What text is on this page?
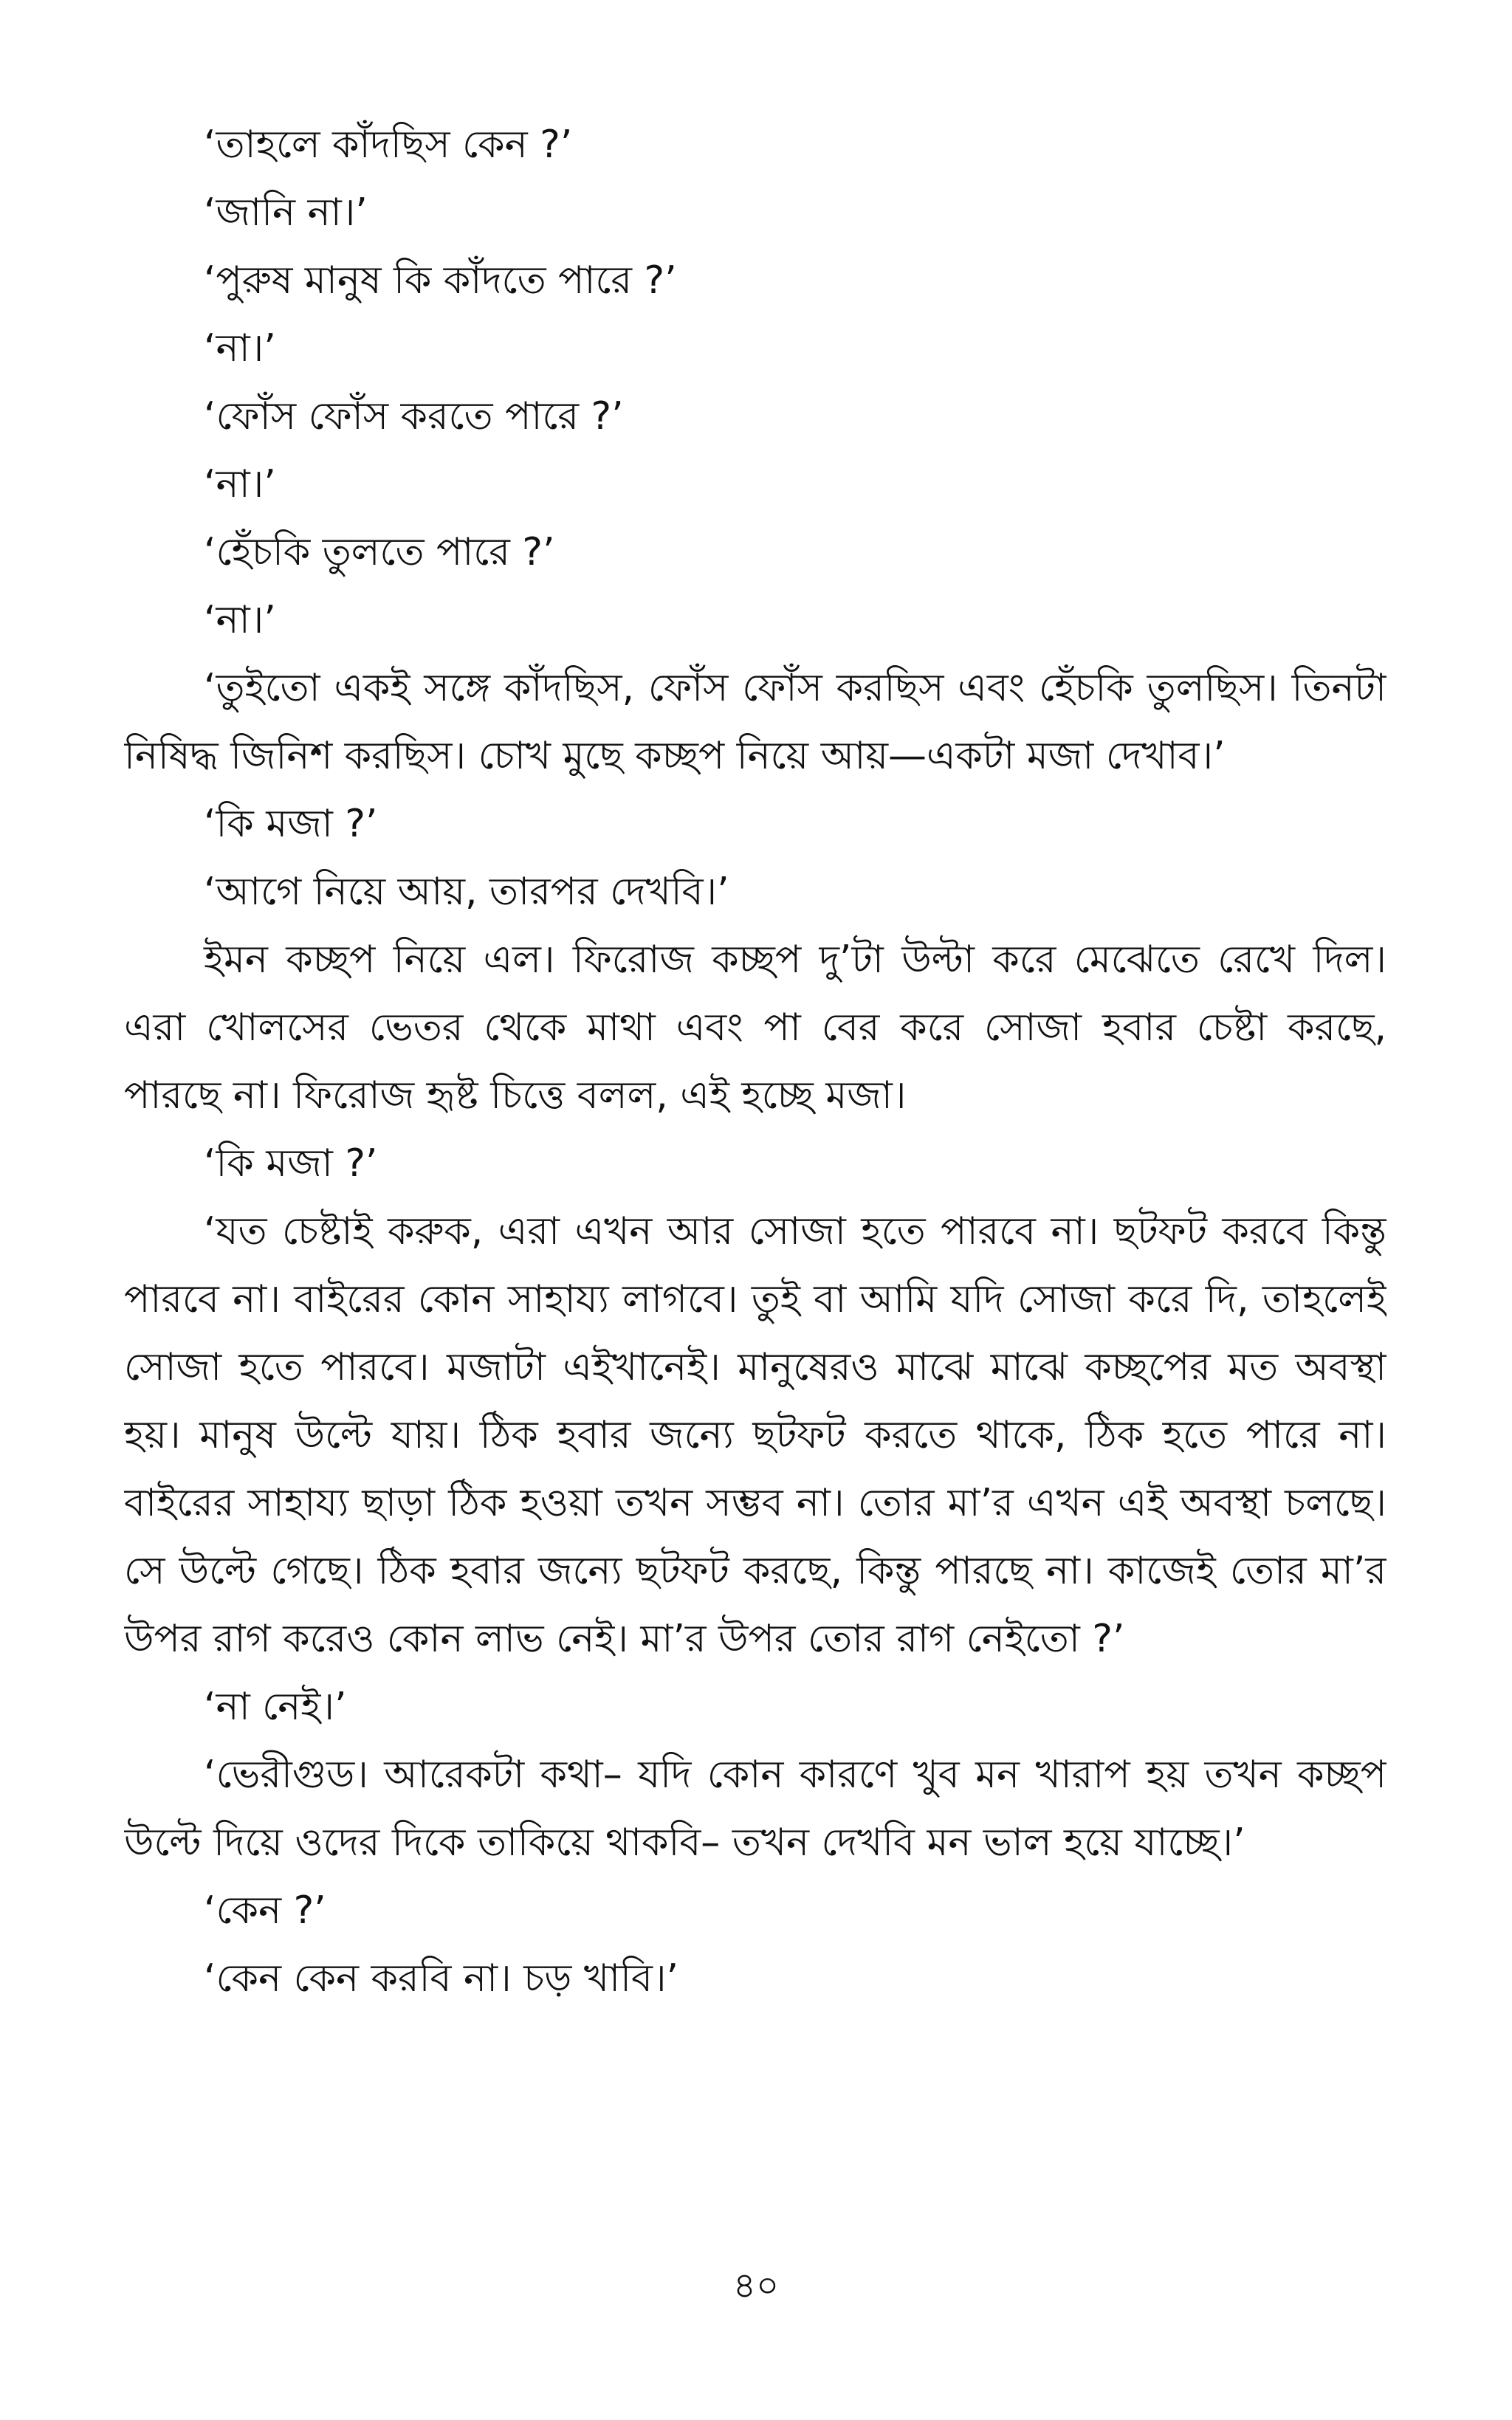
‘তাহলে কাঁদছিস কেন ?’

‘জানি না।’

‘পুরুষ মানুষ কি কাঁদতে পারে ?’

‘না।’

‘ফোঁস ফোঁস করতে পারে ?’

‘না।’

‘হেঁচকি তুলতে পারে ?’

‘না।’

‘তুইতো একই সঙ্গে কাঁদছিস, ফোঁস ফোঁস করছিস এবং হেঁচকি তুলছিস। তিনটা নিষিদ্ধ জিনিশ করছিস। চোখ মুছে কচ্ছপ নিয়ে আয়—একটা মজা দেখাব।’

‘কি মজা ?’

‘আগে নিয়ে আয়, তারপর দেখবি।’

ইমন কচ্ছপ নিয়ে এল। ফিরোজ কচ্ছপ দু’টা উল্টা করে মেঝেতে রেখে দিল। এরা খোলসের ভেতর থেকে মাথা এবং পা বের করে সোজা হবার চেষ্টা করছে, পারছে না। ফিরোজ হৃষ্ট চিত্তে বলল, এই হচ্ছে মজা।

‘কি মজা ?’

‘যত চেষ্টাই করুক, এরা এখন আর সোজা হতে পারবে না। ছটফট করবে কিন্তু পারবে না। বাইরের কোন সাহায্য লাগবে। তুই বা আমি যদি সোজা করে দি, তাহলেই সোজা হতে পারবে। মজাটা এইখানেই। মানুষেরও মাঝে মাঝে কচ্ছপের মত অবস্থা হয়। মানুষ উল্টে যায়। ঠিক হবার জন্যে ছটফট করতে থাকে, ঠিক হতে পারে না। বাইরের সাহায্য ছাড়া ঠিক হওয়া তখন সম্ভব না। তোর মা’র এখন এই অবস্থা চলছে। সে উল্টে গেছে। ঠিক হবার জন্যে ছটফট করছে, কিন্তু পারছে না। কাজেই তোর মা’র উপর রাগ করেও কোন লাভ নেই। মা’র উপর তোর রাগ নেইতো ?’

‘না নেই।’

‘ভেরীগুড। আরেকটা কথা– যদি কোন কারণে খুব মন খারাপ হয় তখন কচ্ছপ উল্টে দিয়ে ওদের দিকে তাকিয়ে থাকবি– তখন দেখবি মন ভাল হয়ে যাচ্ছে।’

‘কেন ?’

‘কেন কেন করবি না। চড় খাবি।’

৪০
